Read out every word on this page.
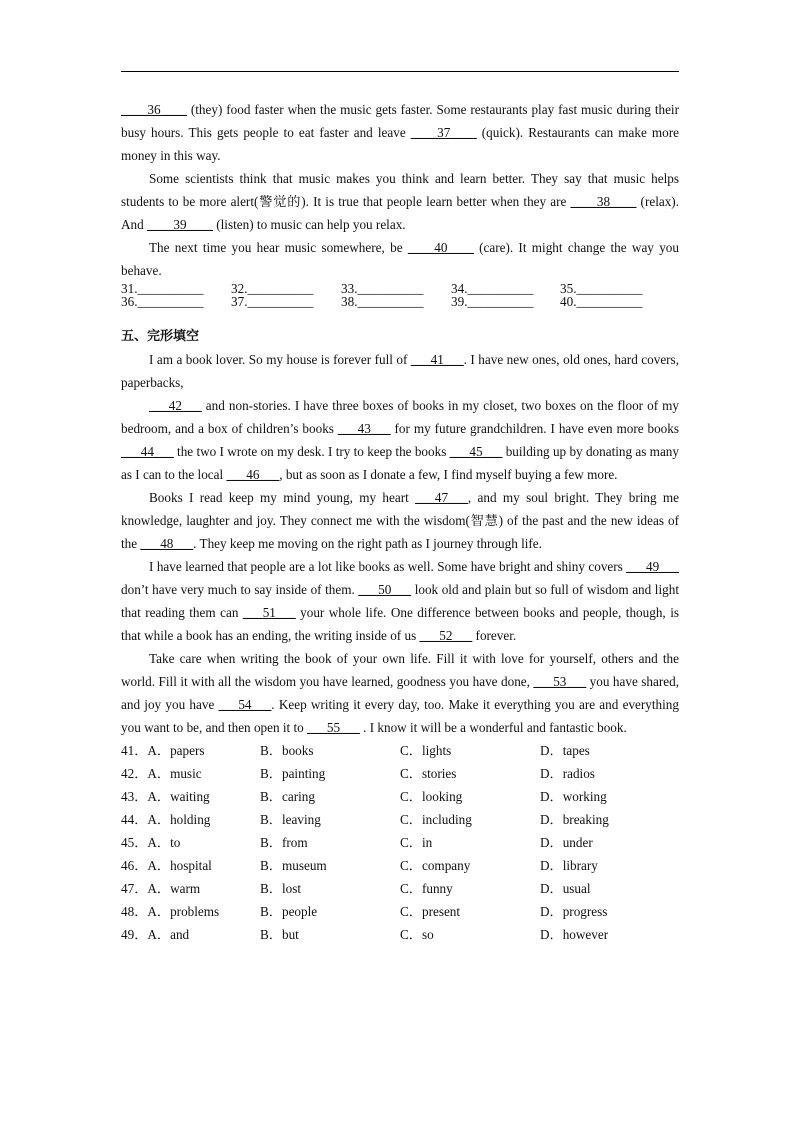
____36____ (they) food faster when the music gets faster. Some restaurants play fast music during their busy hours. This gets people to eat faster and leave ____37____ (quick). Restaurants can make more money in this way.

Some scientists think that music makes you think and learn better. They say that music helps students to be more alert(警觉的). It is true that people learn better when they are ____38____ (relax). And ____39____ (listen) to music can help you relax.

The next time you hear music somewhere, be ____40____ (care). It might change the way you behave.

31.__________	32.__________	33.__________	34.__________	35.__________
36.__________	37.__________	38.__________	39.__________	40.__________
五、完形填空

I am a book lover. So my house is forever full of ___41___. I have new ones, old ones, hard covers, paperbacks,

___42___ and non-stories. I have three boxes of books in my closet, two boxes on the floor of my bedroom, and a box of children’s books ___43___ for my future grandchildren. I have even more books ___44___ the two I wrote on my desk. I try to keep the books ___45___ building up by donating as many as I can to the local ___46___, but as soon as I donate a few, I find myself buying a few more.

Books I read keep my mind young, my heart ___47___, and my soul bright. They bring me knowledge, laughter and joy. They connect me with the wisdom(智慧) of the past and the new ideas of the ___48___. They keep me moving on the right path as I journey through life.

I have learned that people are a lot like books as well. Some have bright and shiny covers ___49___ don’t have very much to say inside of them. ___50___ look old and plain but so full of wisdom and light that reading them can ___51___ your whole life. One difference between books and people, though, is that while a book has an ending, the writing inside of us ___52___ forever.

Take care when writing the book of your own life. Fill it with love for yourself, others and the world. Fill it with all the wisdom you have learned, goodness you have done, ___53___ you have shared, and joy you have ___54___. Keep writing it every day, too. Make it everything you are and everything you want to be, and then open it to ___55___ . I know it will be a wonderful and fantastic book.

41．A．papers	B．books	C．lights	D．tapes
42．A．music	B．painting	C．stories	D．radios
43．A．waiting	B．caring	C．looking	D．working
44．A．holding	B．leaving	C．including	D．breaking
45．A．to	B．from	C．in	D．under
46．A．hospital	B．museum	C．company	D．library
47．A．warm	B．lost	C．funny	D．usual
48．A．problems	B．people	C．present	D．progress
49．A．and	B．but	C．so	D．however
